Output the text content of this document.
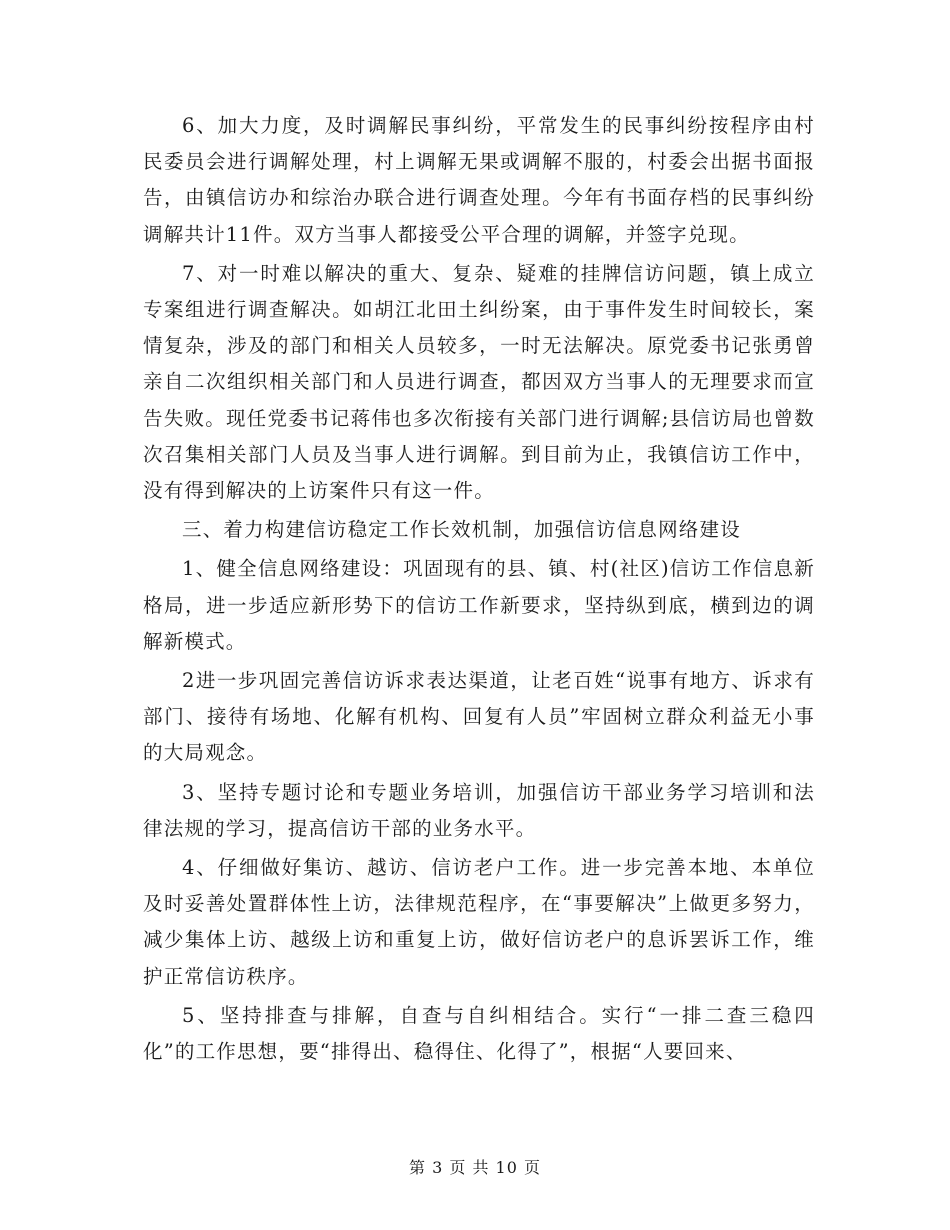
6、加大力度，及时调解民事纠纷，平常发生的民事纠纷按程序由村民委员会进行调解处理，村上调解无果或调解不服的，村委会出据书面报告，由镇信访办和综治办联合进行调查处理。今年有书面存档的民事纠纷调解共计11件。双方当事人都接受公平合理的调解，并签字兑现。

7、对一时难以解决的重大、复杂、疑难的挂牌信访问题，镇上成立专案组进行调查解决。如胡江北田土纠纷案，由于事件发生时间较长，案情复杂，涉及的部门和相关人员较多，一时无法解决。原党委书记张勇曾亲自二次组织相关部门和人员进行调查，都因双方当事人的无理要求而宣告失败。现任党委书记蒋伟也多次衔接有关部门进行调解;县信访局也曾数次召集相关部门人员及当事人进行调解。到目前为止，我镇信访工作中，没有得到解决的上访案件只有这一件。

三、着力构建信访稳定工作长效机制，加强信访信息网络建设

1、健全信息网络建设：巩固现有的县、镇、村(社区)信访工作信息新格局，进一步适应新形势下的信访工作新要求，坚持纵到底，横到边的调解新模式。

2进一步巩固完善信访诉求表达渠道，让老百姓“说事有地方、诉求有部门、接待有场地、化解有机构、回复有人员”牢固树立群众利益无小事的大局观念。

3、坚持专题讨论和专题业务培训，加强信访干部业务学习培训和法律法规的学习，提高信访干部的业务水平。

4、仔细做好集访、越访、信访老户工作。进一步完善本地、本单位及时妥善处置群体性上访，法律规范程序，在“事要解决”上做更多努力，减少集体上访、越级上访和重复上访，做好信访老户的息诉罢诉工作，维护正常信访秩序。

5、坚持排查与排解，自查与自纠相结合。实行“一排二查三稳四化”的工作思想，要“排得出、稳得住、化得了”，根据“人要回来、

第 3 页 共 10 页
